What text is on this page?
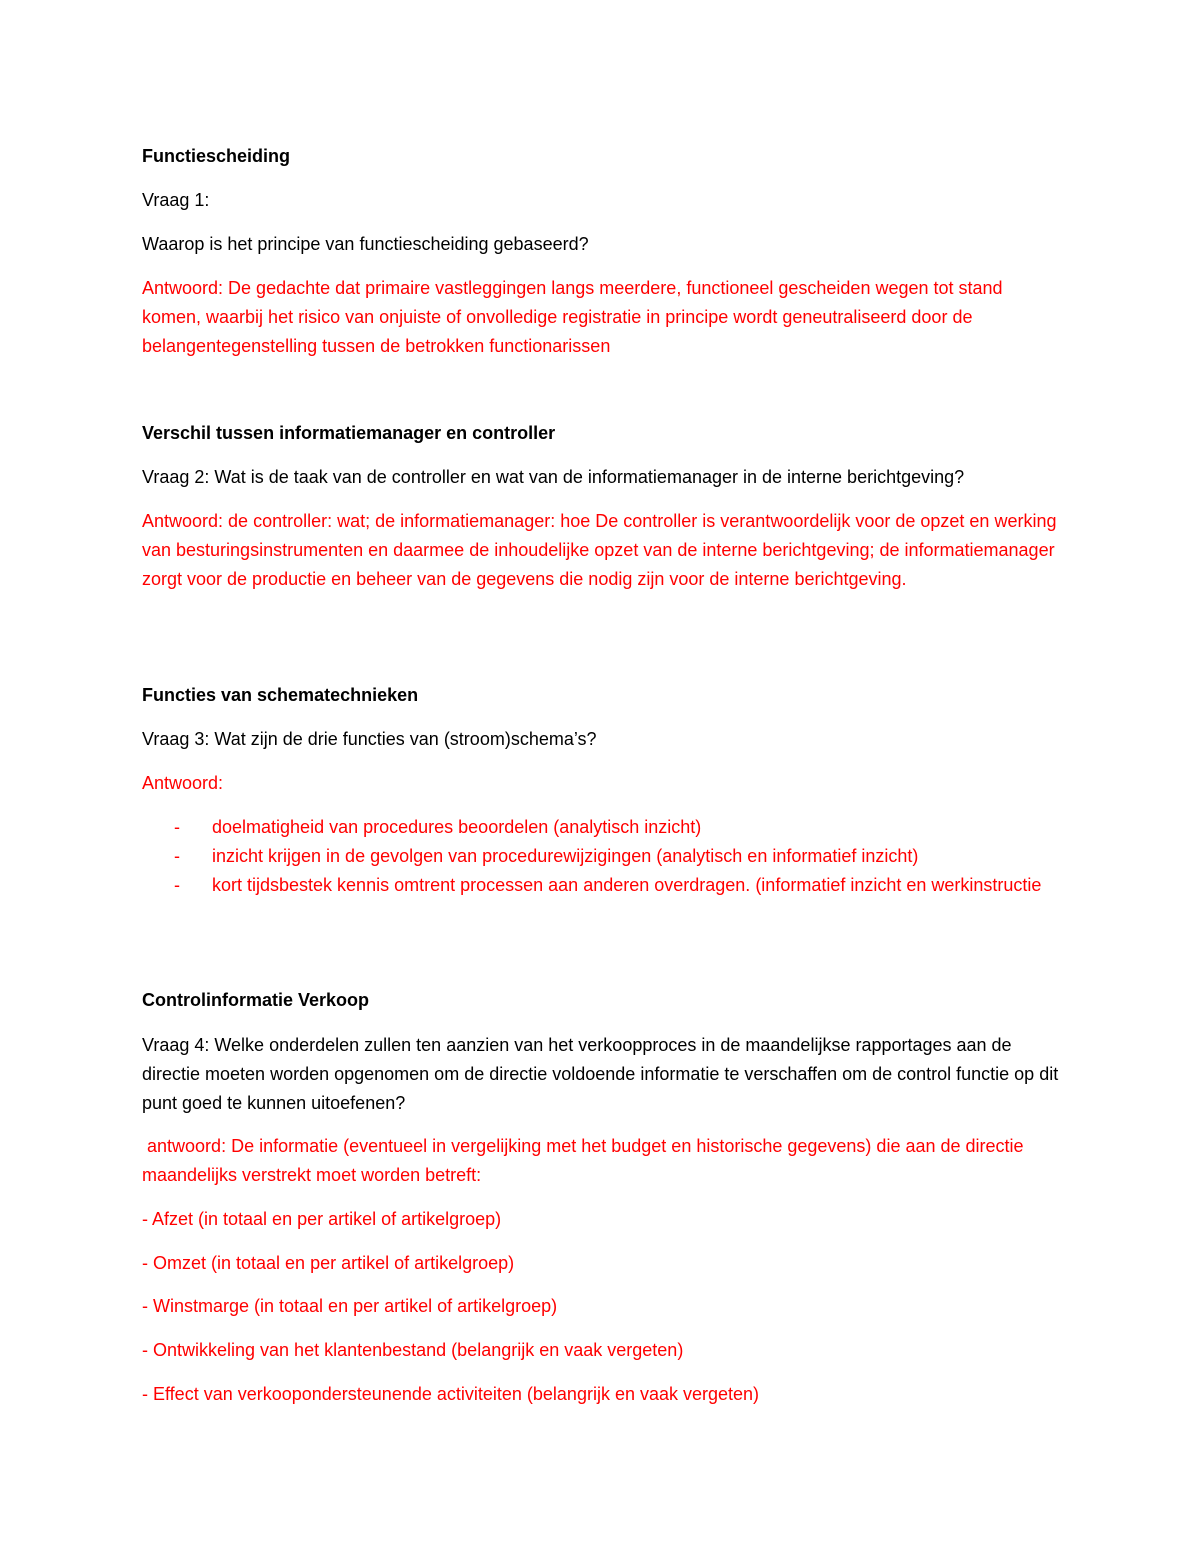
Functiescheiding
Vraag 1:
Waarop is het principe van functiescheiding gebaseerd?
Antwoord: De gedachte dat primaire vastleggingen langs meerdere, functioneel gescheiden wegen tot stand komen, waarbij het risico van onjuiste of onvolledige registratie in principe wordt geneutraliseerd door de belangentegenstelling tussen de betrokken functionarissen
Verschil tussen informatiemanager en controller
Vraag 2: Wat is de taak van de controller en wat van de informatiemanager in de interne berichtgeving?
Antwoord: de controller: wat; de informatiemanager: hoe De controller is verantwoordelijk voor de opzet en werking van besturingsinstrumenten en daarmee de inhoudelijke opzet van de interne berichtgeving; de informatiemanager zorgt voor de productie en beheer van de gegevens die nodig zijn voor de interne berichtgeving.
Functies van schematechnieken
Vraag 3: Wat zijn de drie functies van (stroom)schema’s?
Antwoord:
- doelmatigheid van procedures beoordelen (analytisch inzicht)
- inzicht krijgen in de gevolgen van procedurewijzigingen (analytisch en informatief inzicht)
- kort tijdsbestek kennis omtrent processen aan anderen overdragen. (informatief inzicht en werkinstructie
Controlinformatie Verkoop
Vraag 4: Welke onderdelen zullen ten aanzien van het verkoopproces in de maandelijkse rapportages aan de directie moeten worden opgenomen om de directie voldoende informatie te verschaffen om de control functie op dit punt goed te kunnen uitoefenen?
antwoord: De informatie (eventueel in vergelijking met het budget en historische gegevens) die aan de directie maandelijks verstrekt moet worden betreft:
- Afzet (in totaal en per artikel of artikelgroep)
- Omzet (in totaal en per artikel of artikelgroep)
- Winstmarge (in totaal en per artikel of artikelgroep)
- Ontwikkeling van het klantenbestand (belangrijk en vaak vergeten)
- Effect van verkoopondersteunende activiteiten (belangrijk en vaak vergeten)
